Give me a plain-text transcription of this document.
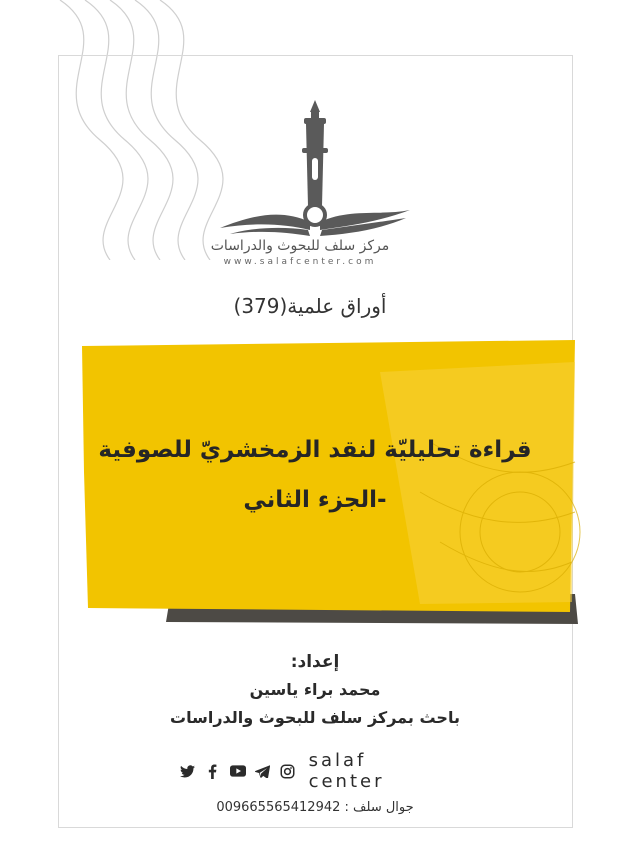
مركز سلف للبحوث والدراسات
www.salafcenter.com
أوراق علمية(379)
قراءة تحليليّة لنقد الزمخشريّ للصوفية
-الجزء الثاني
إعداد:
محمد براء ياسين
باحث بمركز سلف للبحوث والدراسات
salaf center
جوال سلف : 009665565412942
